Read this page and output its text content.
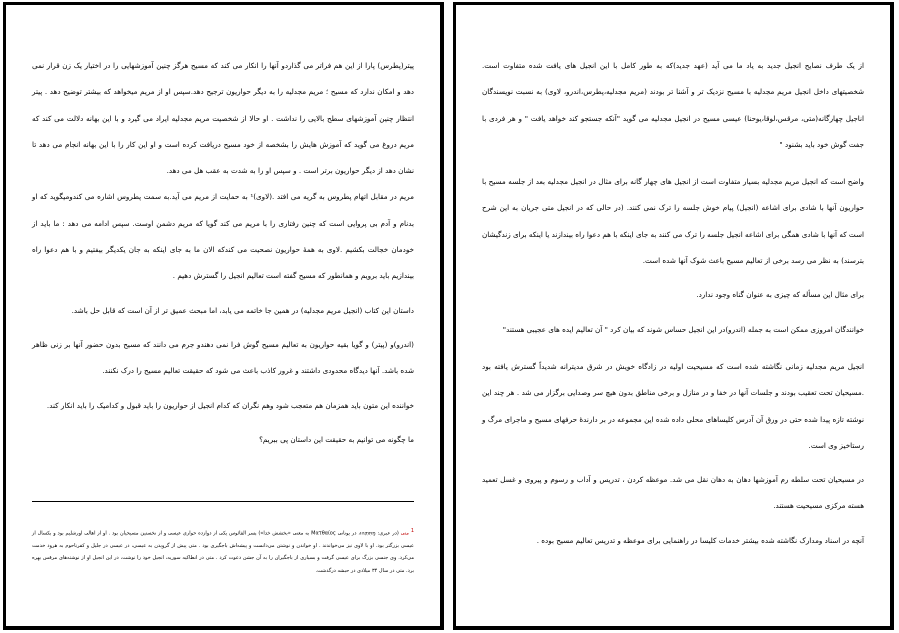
پیتر(پطرس) پارا از این هم فراتر می گذاردو آنها را انکار می کند که مسیح هرگز چنین آموزشهایی را در اختیار یک زن قرار نمی دهد و امکان ندارد که مسیح ؛ مریم مجدلیه را به دیگر حواریون ترجیح دهد.سپس او از مریم میخواهد که بیشتر توضیح دهد . پیتر انتظار چنین آموزشهای سطح بالایی را نداشت . او حالا از شخصیت مریم مجدلیه ایراد می گیرد و با این بهانه دلالت می کند که مریم دروغ می گوید که آموزش هایش را بشخصه از خود مسیح دریافت کرده است و او این کار را با این بهانه انجام می دهد تا نشان دهد از دیگر حواریون برتر است . و سپس او را به شدت به عقب هل می دهد.

مریم در مقابل اتهام پطروس به گریه می افتد .(لاوی)¹ به حمایت از مریم می آید.به سمت پطروس اشاره می کند‌ومیگوید که او بدنام و آدم بی پروایی است که چنین رفتاری را با مریم می کند گویا که مریم دشمن اوست. سپس ادامه می دهد : ما باید از خودمان خجالت بکشیم .لاوی به همهٔ حواریون نصحیت می کندکه الان ما به جای اینکه به جان یکدیگر بیفتیم و با هم دعوا راه بیندازیم باید برویم و همانطور که مسیح گفته است تعالیم انجیل را گسترش دهیم .

داستان این کتاب (انجیل مریم مجدلیه) در همین جا خاتمه می یابد، اما مبحث عمیق تر از آن است که قابل حل باشد.

(اندرو)و (پیتر) و گویا بقیه حواریون به تعالیم مسیح گوش فرا نمی دهندو جرم می دانند که مسیح بدون حضور آنها بر زنی ظاهر شده باشد. آنها دیدگاه محدودی داشتند و غرور کاذب باعث می شود که حقیقت تعالیم مسیح را درک نکنند.

خواننده این متون باید همزمان هم متعجب شود وهم نگران که کدام انجیل از حواریون را باید قبول و کدامیک را باید انکار کند.

ما چگونه می توانیم به حقیقت این داستان پی ببریم؟

1 متی (در عبری: מַתִּתְיָהוּ، در یونانی Ματθαίος به معنی «بخشش خدا») پسر الفائوس یکی از دوازده حواری عیسی و از نخستین مسیحیان بود . او از اهالی اورشلیم بود و بکسال از عیسی بزرگتر بود. او با لاوی نیز می‌خواندند . او خواندن و نوشتن می‌دانست و پیشه‌اش باجگیری بود . متی پیش از گرویدن به عیسی، در عیسی در جلیل و کفرناحوم به هرود خدمت می‌کرد. وی جنسی بزرگ برای عیسی گرفت و بسیاری از باجگیران را به آن جشن دعوت کرد . متی در انطاکیه سوریه، انجیل خود را نوشت، در این انجیل او از نوشته‌های مرقس بهره برد. متی در سال ۳۴ میلادی در حبشه درگذشت.

از یک طرف نصایح انجیل جدید به یاد ما می آید (عهد جدید)که به طور کامل با این انجیل های یافت شده متفاوت است. شخصیتهای داخل انجیل مریم مجدلیه با مسیح نزدیک تر و آشنا تر بودند (مریم مجدلیه،پطرس،اندرو، لاوی) به نسبت نویسندگان اناجیل چهارگانه(متی، مرقس،لوقا،یوحنا) عیسی مسیح در انجیل مجدلیه می گوید "آنکه جستجو کند خواهد یافت " و هر فردی با جفت گوش خود باید بشنود "

واضح است که انجیل مریم مجدلیه بسیار متفاوت است از انجیل های چهار گانه برای مثال در انجیل مجدلیه بعد از جلسه مسیح با حواریون آنها با شادی برای اشاعه (انجیل) پیام خوش جلسه را ترک نمی کنند. (در حالی که در انجیل متی جریان به این شرح است که آنها با شادی همگی برای اشاعه انجیل جلسه را ترک می کنند به جای اینکه با هم دعوا راه بیندازند یا اینکه برای زندگیشان بترسند) به نظر می رسد برخی از تعالیم مسیح باعث شوک آنها شده است.

برای مثال این مسأله که چیزی به عنوان گناه وجود ندارد.

خوانندگان امروزی ممکن است به جمله (اندرو)در این انجیل حساس شوند که بیان کرد " آن تعالیم ایده های عجیبی هستند"

انجیل مریم مجدلیه زمانی نگاشته شده است که مسیحیت اولیه در زادگاه خویش در شرق مدیترانه شدیداً گسترش یافته بود .مسیحیان تحت تعقیب بودند و جلسات آنها در خفا و در منازل و برخی مناطق بدون هیچ سر وصدایی برگزار می شد . هر چند این نوشته تازه پیدا شده حتی در ورق آن آدرس کلیساهای محلی داده شده این مجموعه در بر دارندهٔ حرفهای مسیح و ماجرای مرگ و رستاخیز وی است.

در مسیحیان تحت سلطه رم آموزشها دهان به دهان نقل می شد. موعظه کردن ، تدریس و آداب و رسوم و پیروی و غسل تعمید هسته مرکزی مسیحیت هستند.

آنچه در اسناد ومدارک نگاشته شده بیشتر خدمات کلیسا در راهنمایی برای موعظه و تدریس تعالیم مسیح بوده .
